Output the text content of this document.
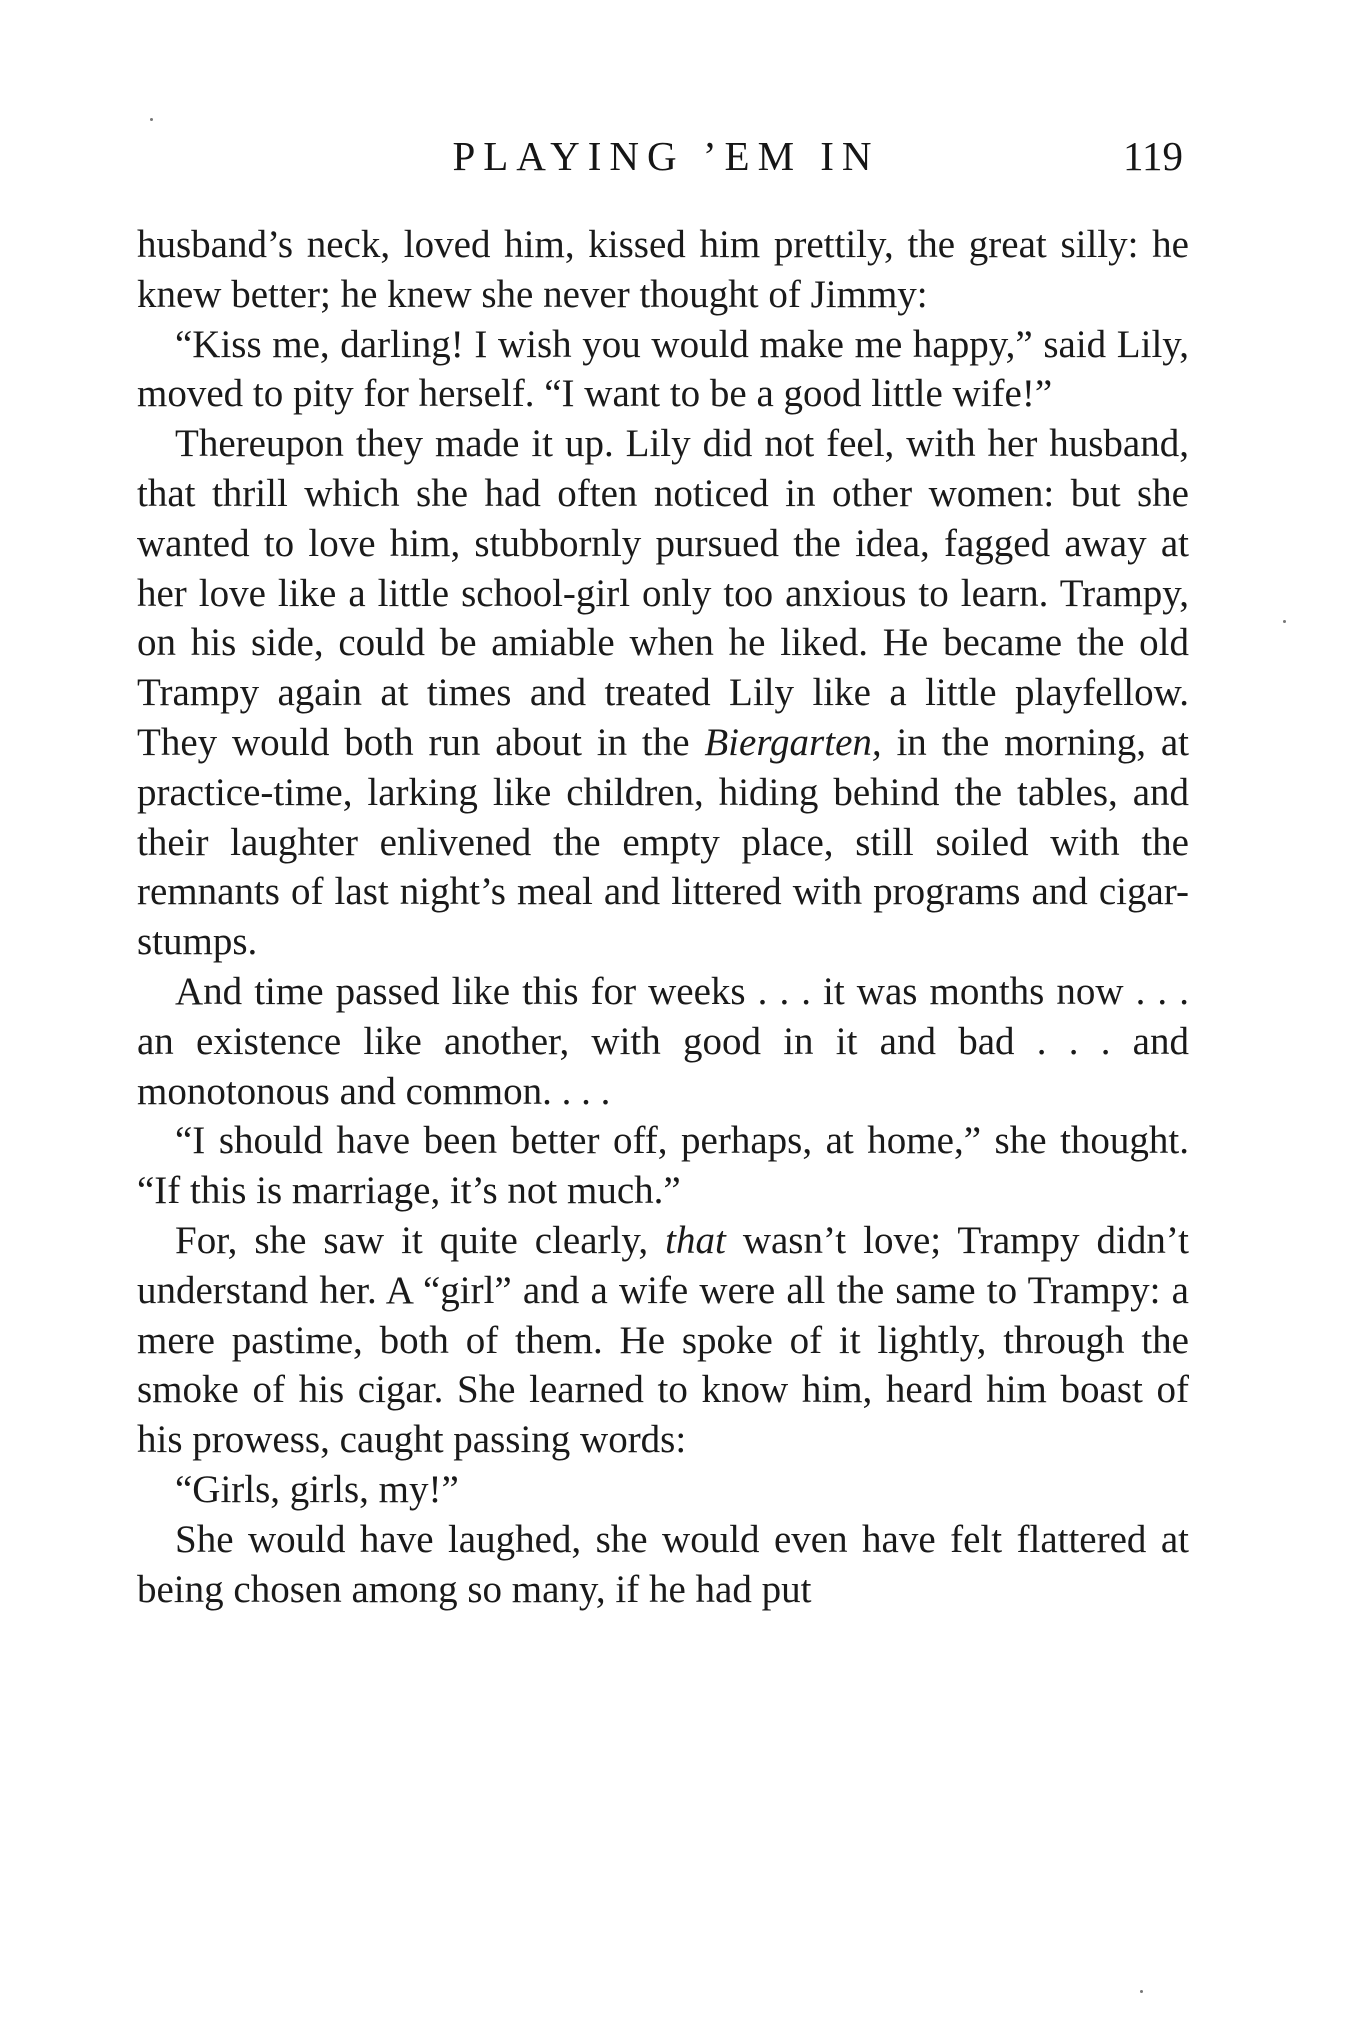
PLAYING ’EM IN	119

husband’s neck, loved him, kissed him prettily, the great silly: he knew better; he knew she never thought of Jimmy:

“Kiss me, darling! I wish you would make me happy,” said Lily, moved to pity for herself. “I want to be a good little wife!”

Thereupon they made it up. Lily did not feel, with her husband, that thrill which she had often noticed in other women: but she wanted to love him, stubbornly pursued the idea, fagged away at her love like a little school-girl only too anxious to learn. Trampy, on his side, could be amiable when he liked. He became the old Trampy again at times and treated Lily like a little playfellow. They would both run about in the Biergarten, in the morning, at practice-time, larking like children, hiding behind the tables, and their laughter enlivened the empty place, still soiled with the remnants of last night’s meal and littered with programs and cigar-stumps.

And time passed like this for weeks . . . it was months now . . . an existence like another, with good in it and bad . . . and monotonous and common. . . .

“I should have been better off, perhaps, at home,” she thought. “If this is marriage, it’s not much.”

For, she saw it quite clearly, that wasn’t love; Trampy didn’t understand her. A “girl” and a wife were all the same to Trampy: a mere pastime, both of them. He spoke of it lightly, through the smoke of his cigar. She learned to know him, heard him boast of his prowess, caught passing words:

“Girls, girls, my!”

She would have laughed, she would even have felt flattered at being chosen among so many, if he had put
